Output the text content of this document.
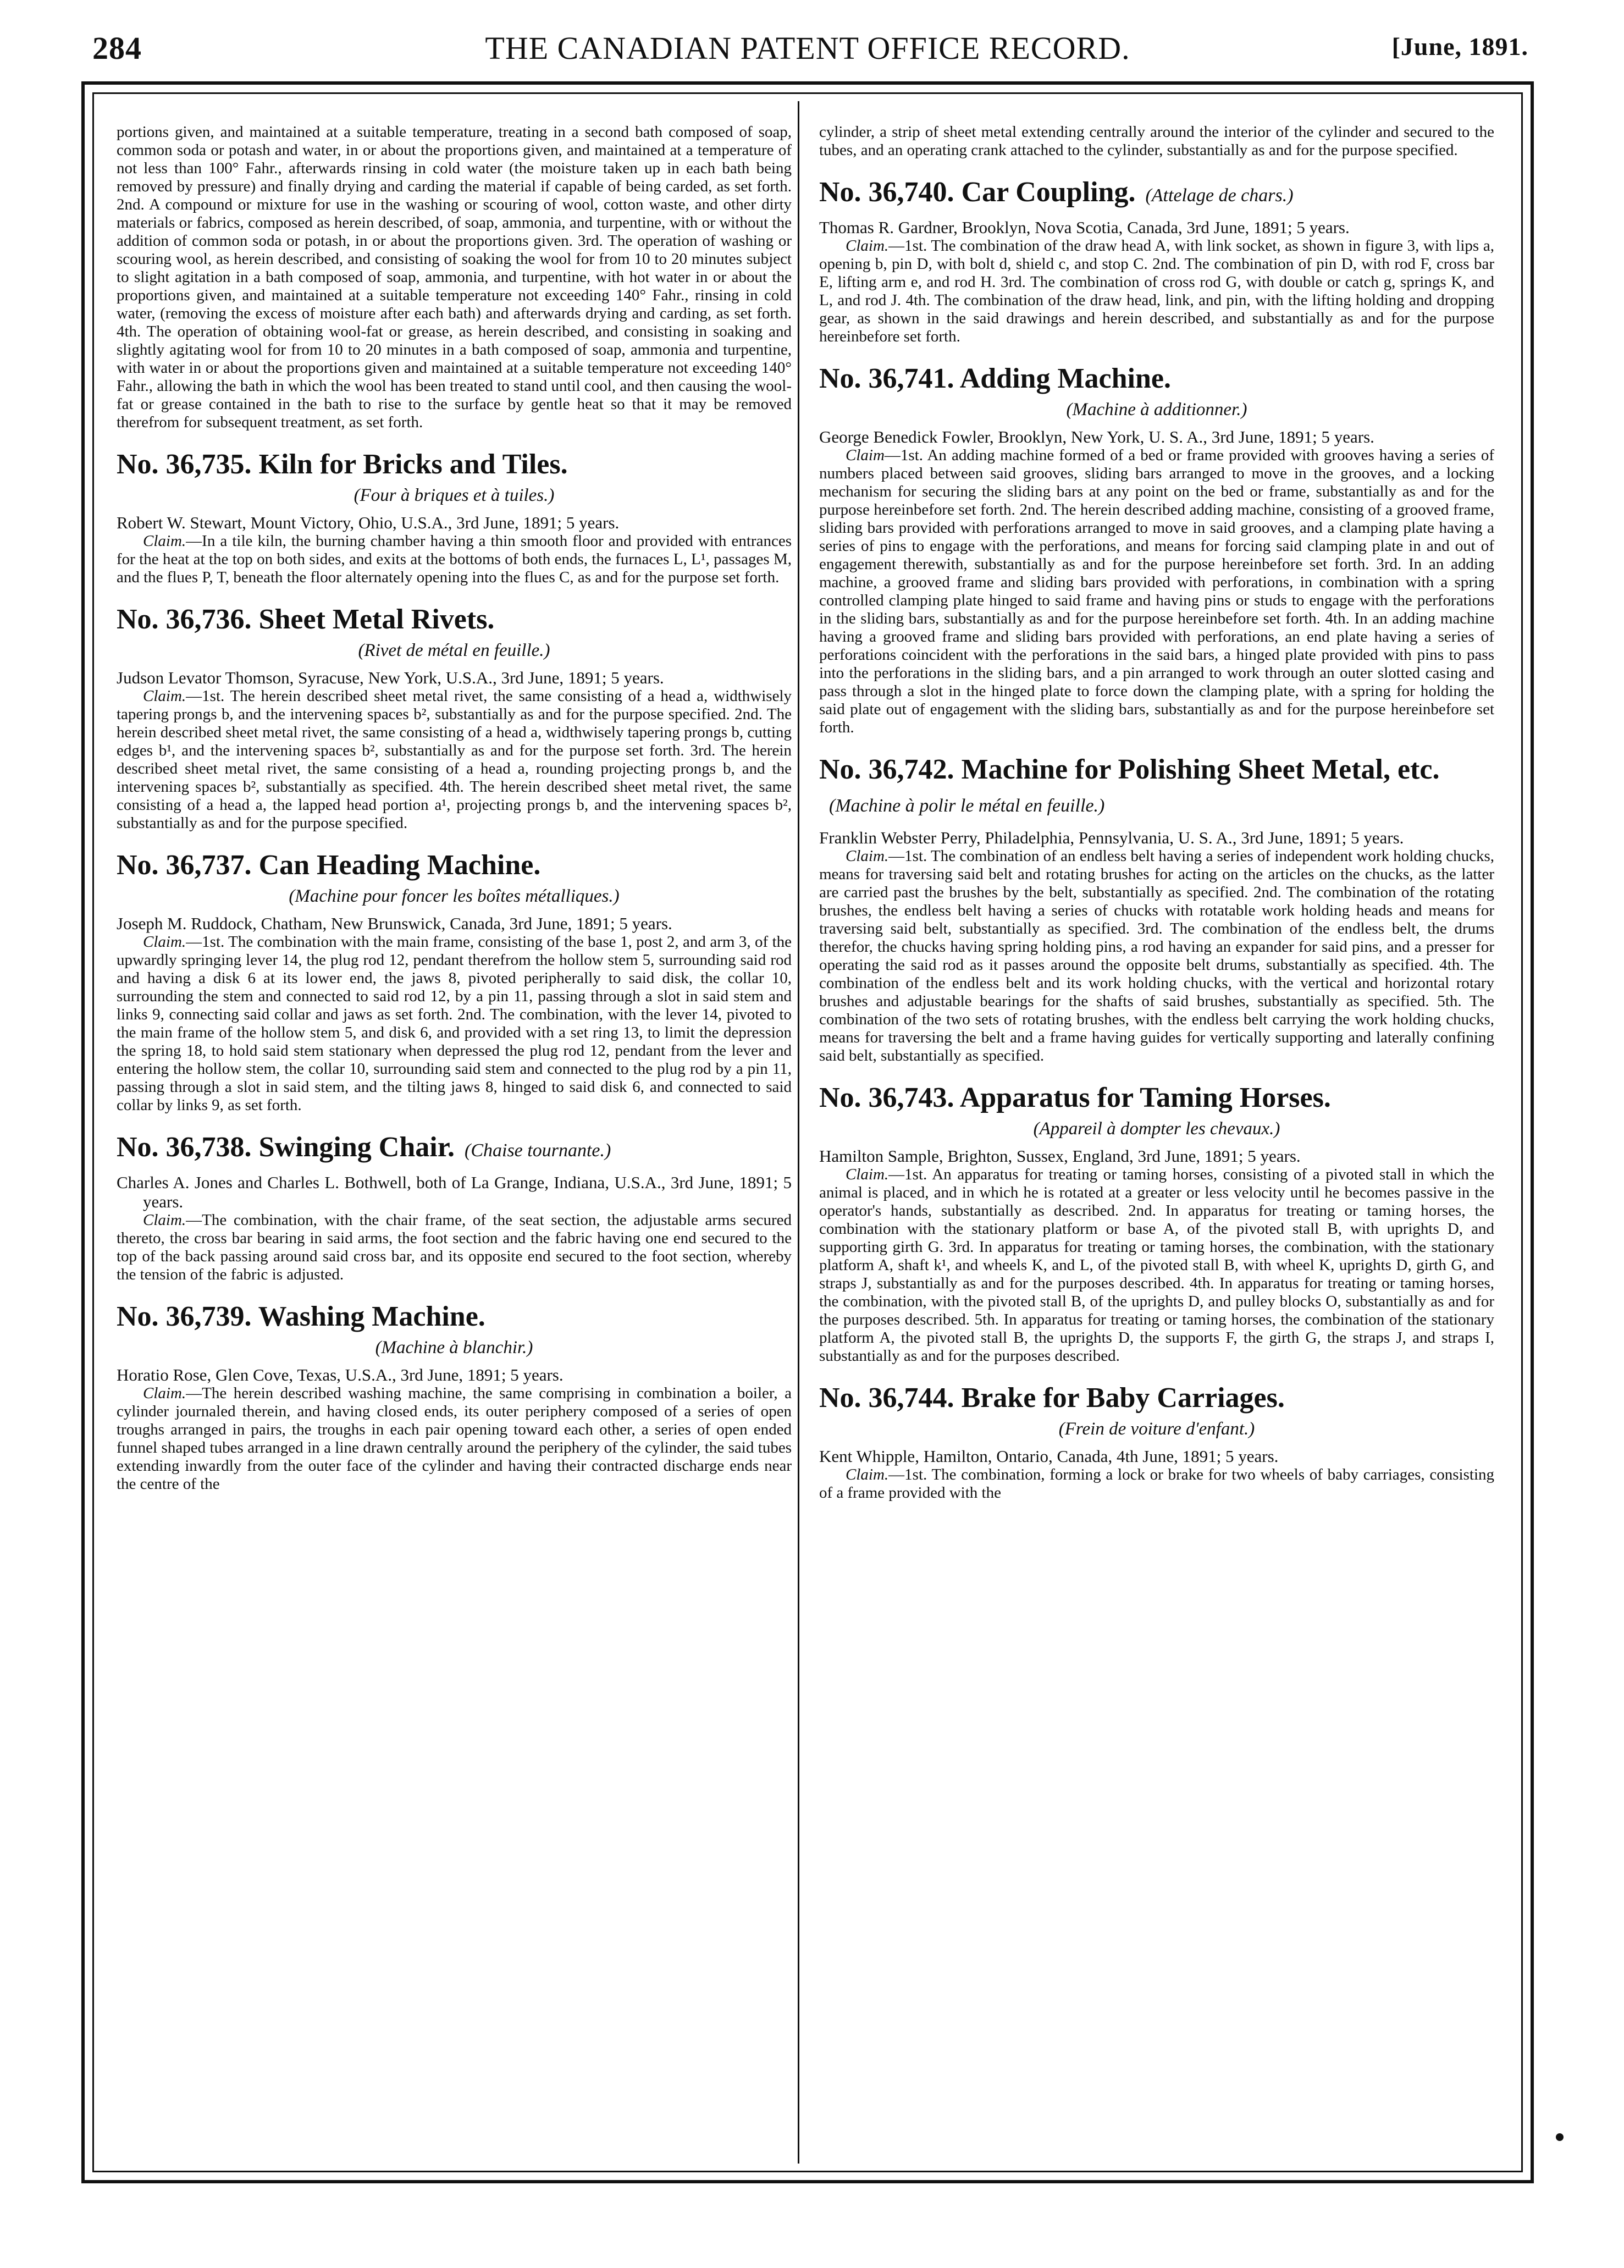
284	THE CANADIAN PATENT OFFICE RECORD.	[June, 1891.

portions given, and maintained at a suitable temperature, treating in a second bath composed of soap, common soda or potash and water, in or about the proportions given, and maintained at a temperature of not less than 100° Fahr., afterwards rinsing in cold water (the moisture taken up in each bath being removed by pressure) and finally drying and carding the material if capable of being carded, as set forth. 2nd. A compound or mixture for use in the washing or scouring of wool, cotton waste, and other dirty materials or fabrics, composed as herein described, of soap, ammonia, and turpentine, with or without the addition of common soda or potash, in or about the proportions given. 3rd. The operation of washing or scouring wool, as herein described, and consisting of soaking the wool for from 10 to 20 minutes subject to slight agitation in a bath composed of soap, ammonia, and turpentine, with hot water in or about the proportions given, and maintained at a suitable temperature not exceeding 140° Fahr., rinsing in cold water, (removing the excess of moisture after each bath) and afterwards drying and carding, as set forth. 4th. The operation of obtaining wool-fat or grease, as herein described, and consisting in soaking and slightly agitating wool for from 10 to 20 minutes in a bath composed of soap, ammonia and turpentine, with water in or about the proportions given and maintained at a suitable temperature not exceeding 140° Fahr., allowing the bath in which the wool has been treated to stand until cool, and then causing the wool-fat or grease contained in the bath to rise to the surface by gentle heat so that it may be removed therefrom for subsequent treatment, as set forth.

No. 36,735. Kiln for Bricks and Tiles.
(Four à briques et à tuiles.)

Robert W. Stewart, Mount Victory, Ohio, U.S.A., 3rd June, 1891; 5 years.

Claim.—In a tile kiln, the burning chamber having a thin smooth floor and provided with entrances for the heat at the top on both sides, and exits at the bottoms of both ends, the furnaces L, L¹, passages M, and the flues P, T, beneath the floor alternately opening into the flues C, as and for the purpose set forth.

No. 36,736. Sheet Metal Rivets.
(Rivet de métal en feuille.)

Judson Levator Thomson, Syracuse, New York, U.S.A., 3rd June, 1891; 5 years.

Claim.—1st. The herein described sheet metal rivet, the same consisting of a head a, widthwisely tapering prongs b, and the intervening spaces b², substantially as and for the purpose specified. 2nd. The herein described sheet metal rivet, the same consisting of a head a, widthwisely tapering prongs b, cutting edges b¹, and the intervening spaces b², substantially as and for the purpose set forth. 3rd. The herein described sheet metal rivet, the same consisting of a head a, rounding projecting prongs b, and the intervening spaces b², substantially as specified. 4th. The herein described sheet metal rivet, the same consisting of a head a, the lapped head portion a¹, projecting prongs b, and the intervening spaces b², substantially as and for the purpose specified.

No. 36,737. Can Heading Machine.
(Machine pour foncer les boîtes métalliques.)

Joseph M. Ruddock, Chatham, New Brunswick, Canada, 3rd June, 1891; 5 years.

Claim.—1st. The combination with the main frame, consisting of the base 1, post 2, and arm 3, of the upwardly springing lever 14, the plug rod 12, pendant therefrom the hollow stem 5, surrounding said rod and having a disk 6 at its lower end, the jaws 8, pivoted peripherally to said disk, the collar 10, surrounding the stem and connected to said rod 12, by a pin 11, passing through a slot in said stem and links 9, connecting said collar and jaws as set forth. 2nd. The combination, with the lever 14, pivoted to the main frame of the hollow stem 5, and disk 6, and provided with a set ring 13, to limit the depression the spring 18, to hold said stem stationary when depressed the plug rod 12, pendant from the lever and entering the hollow stem, the collar 10, surrounding said stem and connected to the plug rod by a pin 11, passing through a slot in said stem, and the tilting jaws 8, hinged to said disk 6, and connected to said collar by links 9, as set forth.

No. 36,738. Swinging Chair. (Chaise tournante.)

Charles A. Jones and Charles L. Bothwell, both of La Grange, Indiana, U.S.A., 3rd June, 1891; 5 years.

Claim.—The combination, with the chair frame, of the seat section, the adjustable arms secured thereto, the cross bar bearing in said arms, the foot section and the fabric having one end secured to the top of the back passing around said cross bar, and its opposite end secured to the foot section, whereby the tension of the fabric is adjusted.

No. 36,739. Washing Machine.
(Machine à blanchir.)

Horatio Rose, Glen Cove, Texas, U.S.A., 3rd June, 1891; 5 years.

Claim.—The herein described washing machine, the same comprising in combination a boiler, a cylinder journaled therein, and having closed ends, its outer periphery composed of a series of open troughs arranged in pairs, the troughs in each pair opening toward each other, a series of open ended funnel shaped tubes arranged in a line drawn centrally around the periphery of the cylinder, the said tubes extending inwardly from the outer face of the cylinder and having their contracted discharge ends near the centre of the

cylinder, a strip of sheet metal extending centrally around the interior of the cylinder and secured to the tubes, and an operating crank attached to the cylinder, substantially as and for the purpose specified.

No. 36,740. Car Coupling. (Attelage de chars.)

Thomas R. Gardner, Brooklyn, Nova Scotia, Canada, 3rd June, 1891; 5 years.

Claim.—1st. The combination of the draw head A, with link socket, as shown in figure 3, with lips a, opening b, pin D, with bolt d, shield c, and stop C. 2nd. The combination of pin D, with rod F, cross bar E, lifting arm e, and rod H. 3rd. The combination of cross rod G, with double or catch g, springs K, and L, and rod J. 4th. The combination of the draw head, link, and pin, with the lifting holding and dropping gear, as shown in the said drawings and herein described, and substantially as and for the purpose hereinbefore set forth.

No. 36,741. Adding Machine.
(Machine à additionner.)

George Benedick Fowler, Brooklyn, New York, U. S. A., 3rd June, 1891; 5 years.

Claim—1st. An adding machine formed of a bed or frame provided with grooves having a series of numbers placed between said grooves, sliding bars arranged to move in the grooves, and a locking mechanism for securing the sliding bars at any point on the bed or frame, substantially as and for the purpose hereinbefore set forth. 2nd. The herein described adding machine, consisting of a grooved frame, sliding bars provided with perforations arranged to move in said grooves, and a clamping plate having a series of pins to engage with the perforations, and means for forcing said clamping plate in and out of engagement therewith, substantially as and for the purpose hereinbefore set forth. 3rd. In an adding machine, a grooved frame and sliding bars provided with perforations, in combination with a spring controlled clamping plate hinged to said frame and having pins or studs to engage with the perforations in the sliding bars, substantially as and for the purpose hereinbefore set forth. 4th. In an adding machine having a grooved frame and sliding bars provided with perforations, an end plate having a series of perforations coincident with the perforations in the said bars, a hinged plate provided with pins to pass into the perforations in the sliding bars, and a pin arranged to work through an outer slotted casing and pass through a slot in the hinged plate to force down the clamping plate, with a spring for holding the said plate out of engagement with the sliding bars, substantially as and for the purpose hereinbefore set forth.

No. 36,742. Machine for Polishing Sheet Metal, etc.(Machine à polir le métal en feuille.)

Franklin Webster Perry, Philadelphia, Pennsylvania, U. S. A., 3rd June, 1891; 5 years.

Claim.—1st. The combination of an endless belt having a series of independent work holding chucks, means for traversing said belt and rotating brushes for acting on the articles on the chucks, as the latter are carried past the brushes by the belt, substantially as specified. 2nd. The combination of the rotating brushes, the endless belt having a series of chucks with rotatable work holding heads and means for traversing said belt, substantially as specified. 3rd. The combination of the endless belt, the drums therefor, the chucks having spring holding pins, a rod having an expander for said pins, and a presser for operating the said rod as it passes around the opposite belt drums, substantially as specified. 4th. The combination of the endless belt and its work holding chucks, with the vertical and horizontal rotary brushes and adjustable bearings for the shafts of said brushes, substantially as specified. 5th. The combination of the two sets of rotating brushes, with the endless belt carrying the work holding chucks, means for traversing the belt and a frame having guides for vertically supporting and laterally confining said belt, substantially as specified.

No. 36,743. Apparatus for Taming Horses.
(Appareil à dompter les chevaux.)

Hamilton Sample, Brighton, Sussex, England, 3rd June, 1891; 5 years.

Claim.—1st. An apparatus for treating or taming horses, consisting of a pivoted stall in which the animal is placed, and in which he is rotated at a greater or less velocity until he becomes passive in the operator's hands, substantially as described. 2nd. In apparatus for treating or taming horses, the combination with the stationary platform or base A, of the pivoted stall B, with uprights D, and supporting girth G. 3rd. In apparatus for treating or taming horses, the combination, with the stationary platform A, shaft k¹, and wheels K, and L, of the pivoted stall B, with wheel K, uprights D, girth G, and straps J, substantially as and for the purposes described. 4th. In apparatus for treating or taming horses, the combination, with the pivoted stall B, of the uprights D, and pulley blocks O, substantially as and for the purposes described. 5th. In apparatus for treating or taming horses, the combination of the stationary platform A, the pivoted stall B, the uprights D, the supports F, the girth G, the straps J, and straps I, substantially as and for the purposes described.

No. 36,744. Brake for Baby Carriages.
(Frein de voiture d'enfant.)

Kent Whipple, Hamilton, Ontario, Canada, 4th June, 1891; 5 years.

Claim.—1st. The combination, forming a lock or brake for two wheels of baby carriages, consisting of a frame provided with the
